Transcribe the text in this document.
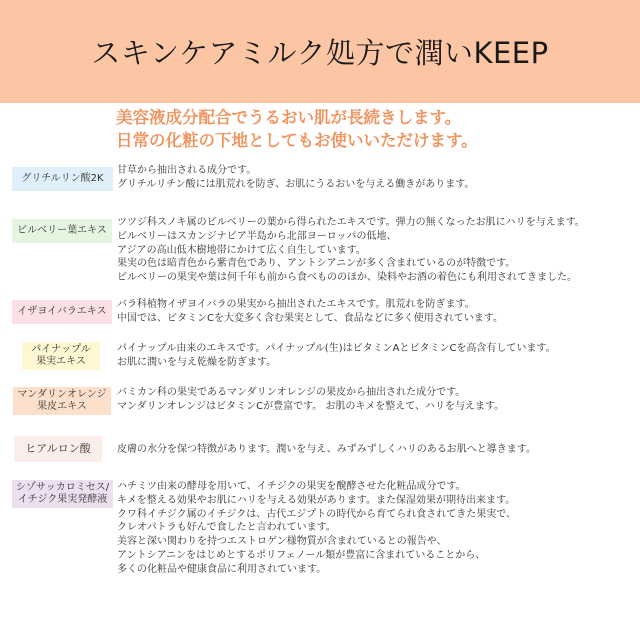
スキンケアミルク処方で潤いKEEP
美容液成分配合でうるおい肌が長続きします。
日常の化粧の下地としてもお使いいただけます。
グリチルリン酸2K
甘草から抽出される成分です。
グリチルリチン酸には肌荒れを防ぎ、お肌にうるおいを与える働きがあります。
ビルベリー葉エキス
ツツジ科スノキ属のビルベリーの葉から得られたエキスです。弾力の無くなったお肌にハリを与えます。
ビルベリーはスカンジナビア半島から北部ヨーロッパの低地、
アジアの高山低木樹地帯にかけて広く自生しています。
果実の色は暗青色から紫青色であり、アントシアニンが多く含まれているのが特徴です。
ビルベリーの果実や葉は何千年も前から食べもののほか、染料やお酒の着色にも利用されてきました。
イザヨイバラエキス
バラ科植物イザヨイバラの果実から抽出されたエキスです。肌荒れを防ぎます。
中国では、ビタミンCを大変多く含む果実として、食品などに多く使用されています。
パイナップル
果実エキス
パイナップル由来のエキスです。パイナップル(生)はビタミンAとビタミンCを高含有しています。
お肌に潤いを与え乾燥を防ぎます。
マンダリンオレンジ
果皮エキス
バミカン科の果実であるマンダリンオレンジの果皮から抽出された成分です。
マンダリンオレンジはビタミンCが豊富です。 お肌のキメを整えて、ハリを与えます。
ヒアルロン酸	皮膚の水分を保つ特徴があります。潤いを与え、みずみずしくハリのあるお肌へと導きます。
シゾサッカロミセス/
イチジク果実発酵液
ハチミツ由来の酵母を用いて、イチジクの果実を醗酵させた化粧品成分です。
キメを整える効果やお肌にハリを与える効果があります。また保湿効果が期待出来ます。
クワ科イチジク属のイチジクは、古代エジプトの時代から育てられ食されてきた果実で、
クレオパトラも好んで食したと言われています。
美容と深い関わりを持つエストロゲン様物質が含まれているとの報告や、
アントシアニンをはじめとするポリフェノール類が豊富に含まれていることから、
多くの化粧品や健康食品に利用されています。
